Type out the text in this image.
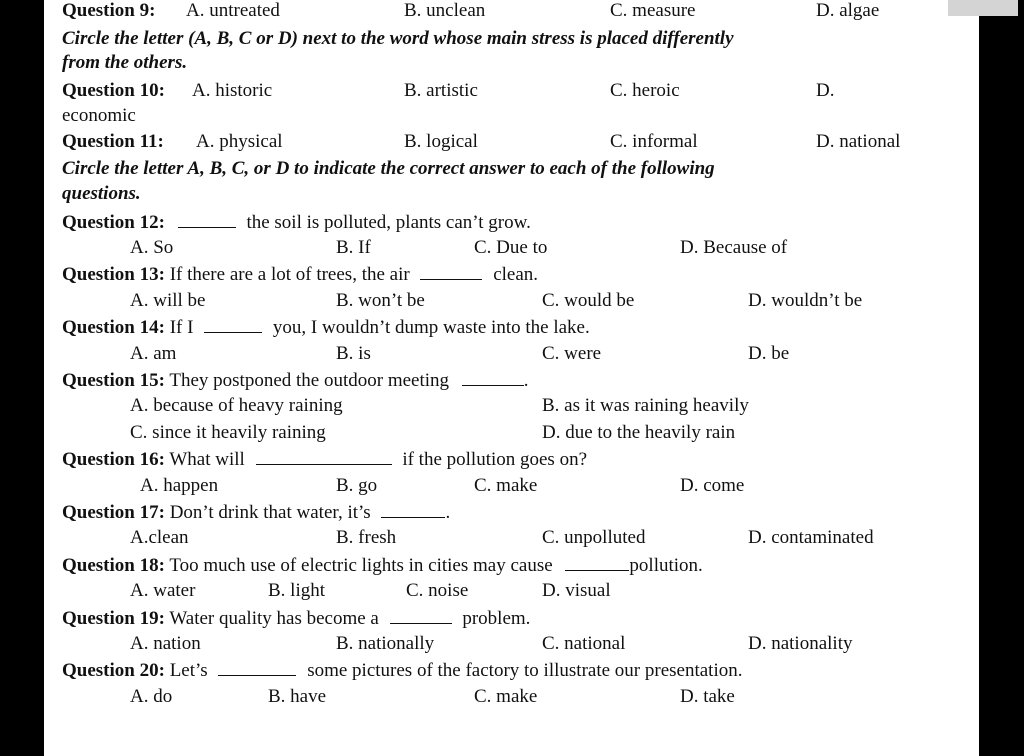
Question 9: A. untreated	B. unclean	C. measure	D. algae
Circle the letter (A, B, C or D) next to the word whose main stress is placed differently
from the others.
Question 10: A. historic	B. artistic	C. heroic	D.
economic
Question 11: A. physical	B. logical	C. informal	D. national
Circle the letter A, B, C, or D to indicate the correct answer to each of the following
questions.
Question 12:	the soil is polluted, plants can’t grow.
A. So	B. If	C. Due to	D. Because of
Question 13: If there are a lot of trees, the air	clean.
A. will be	B. won’t be	C. would be	D. wouldn’t be
Question 14: If I	you, I wouldn’t dump waste into the lake.
A. am	B. is	C. were	D. be
Question 15: They postponed the outdoor meeting	.
A. because of heavy raining	B. as it was raining heavily
C. since it heavily raining	D. due to the heavily rain
Question 16: What will	if the pollution goes on?
A. happen	B. go	C. make	D. come
Question 17: Don’t drink that water, it’s	.
A.clean	B. fresh	C. unpolluted	D. contaminated
Question 18: Too much use of electric lights in cities may cause	pollution.
A. water	B. light	C. noise	D. visual
Question 19: Water quality has become a	problem.
A. nation	B. nationally	C. national	D. nationality
Question 20: Let’s	some pictures of the factory to illustrate our presentation.
A. do	B. have	C. make	D. take
